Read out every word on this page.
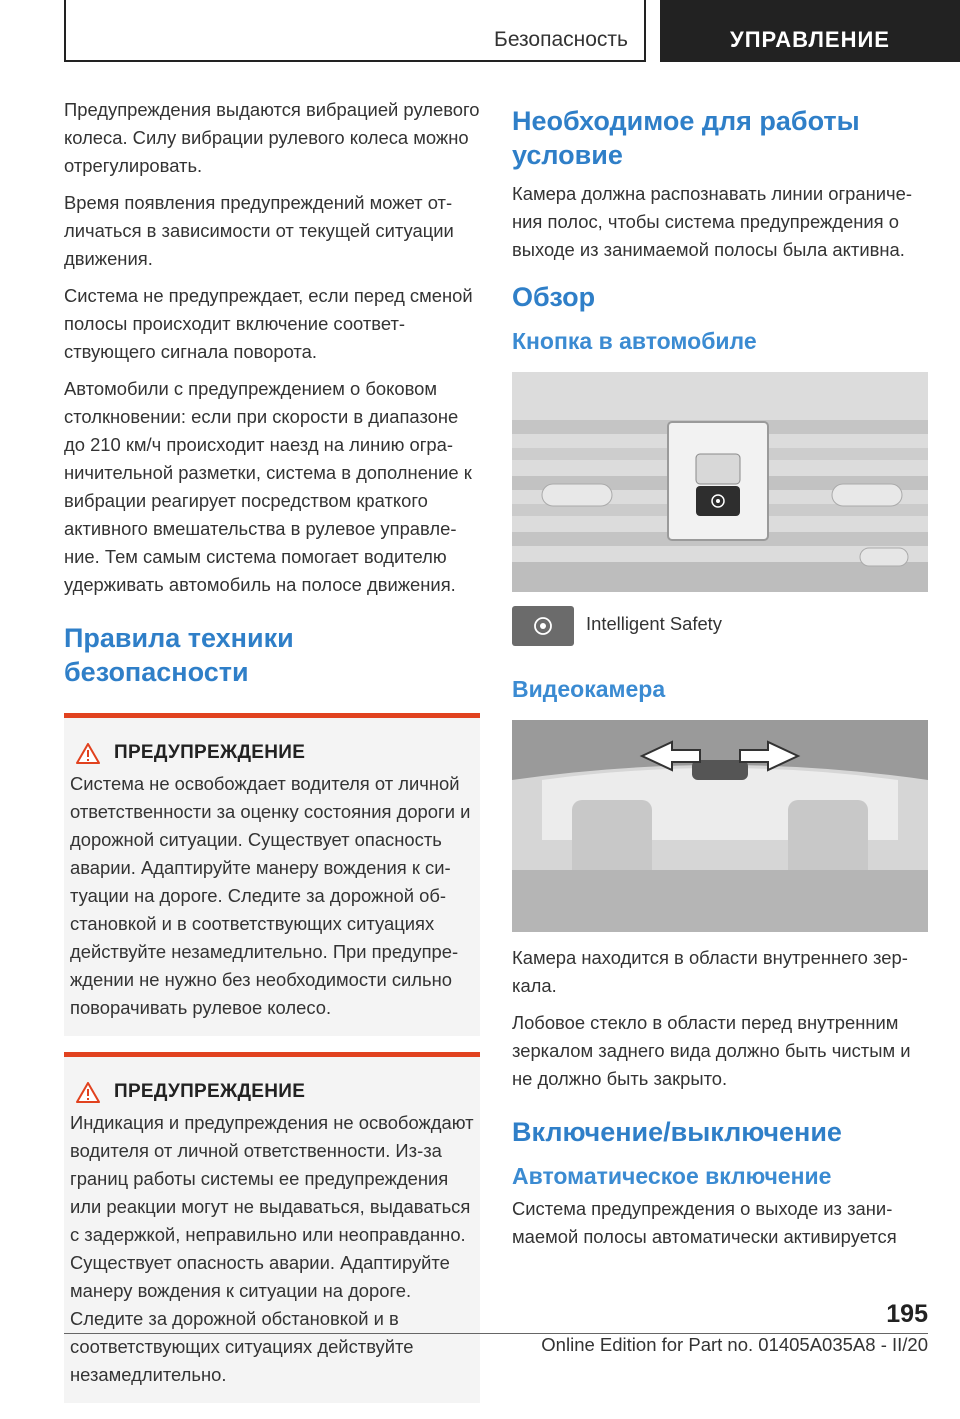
Безопасность	УПРАВЛЕНИЕ

Предупреждения выдаются вибрацией рулевого колеса. Силу вибрации рулевого колеса можно отрегулировать.

Время появления предупреждений может отличаться в зависимости от текущей ситуации движения.

Система не предупреждает, если перед сменой полосы происходит включение соответствующего сигнала поворота.

Автомобили с предупреждением о боковом столкновении: если при скорости в диапазоне до 210 км/ч происходит наезд на линию ограничительной разметки, система в дополнение к вибрации реагирует посредством краткого активного вмешательства в рулевое управление. Тем самым система помогает водителю удерживать автомобиль на полосе движения.

Правила техники безопасности
ПРЕДУПРЕЖДЕНИЕ

Система не освобождает водителя от личной ответственности за оценку состояния дороги и дорожной ситуации. Существует опасность аварии. Адаптируйте манеру вождения к ситуации на дороге. Следите за дорожной обстановкой и в соответствующих ситуациях действуйте незамедлительно. При предупреждении не нужно без необходимости сильно поворачивать рулевое колесо.

ПРЕДУПРЕЖДЕНИЕ

Индикация и предупреждения не освобождают водителя от личной ответственности. Из-за границ работы системы ее предупреждения или реакции могут не выдаваться, выдаваться с задержкой, неправильно или неоправданно. Существует опасность аварии. Адаптируйте манеру вождения к ситуации на дороге. Следите за дорожной обстановкой и в соответствующих ситуациях действуйте незамедлительно.

Необходимое для работы условие

Камера должна распознавать линии ограничения полос, чтобы система предупреждения о выходе из занимаемой полосы была активна.

Обзор
Кнопка в автомобиле
Intelligent Safety
Видеокамера

Камера находится в области внутреннего зеркала.

Лобовое стекло в области перед внутренним зеркалом заднего вида должно быть чистым и не должно быть закрыто.

Включение/выключение
Автоматическое включение

Система предупреждения о выходе из занимаемой полосы автоматически активируется

195
Online Edition for Part no. 01405A035A8 - II/20
